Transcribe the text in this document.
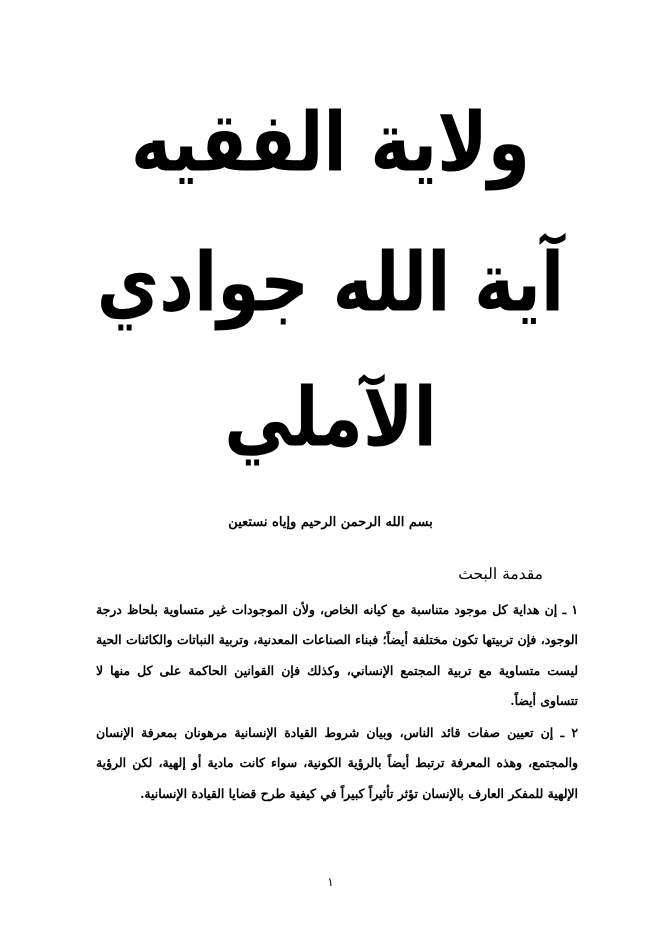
ولاية الفقيه
آية الله جوادي
الآملي
بسم الله الرحمن الرحيم وإياه نستعين
مقدمة البحث

١ ـ إن هداية كل موجود متناسبة مع كيانه الخاص، ولأن الموجودات غير متساوية بلحاظ درجة الوجود، فإن تربيتها تكون مختلفة أيضاً؛ فبناء الصناعات المعدنية، وتربية النباتات والكائنات الحية ليست متساوية مع تربية المجتمع الإنساني، وكذلك فإن القوانين الحاكمة على كل منها لا تتساوى أيضاً.

٢ ـ إن تعيين صفات قائد الناس، وبيان شروط القيادة الإنسانية مرهونان بمعرفة الإنسان والمجتمع، وهذه المعرفة ترتبط أيضاً بالرؤية الكونية، سواء كانت مادية أو إلهية، لكن الرؤية الإلهية للمفكر العارف بالإنسان تؤثر تأثيراً كبيراً في كيفية طرح قضايا القيادة الإنسانية.

١
